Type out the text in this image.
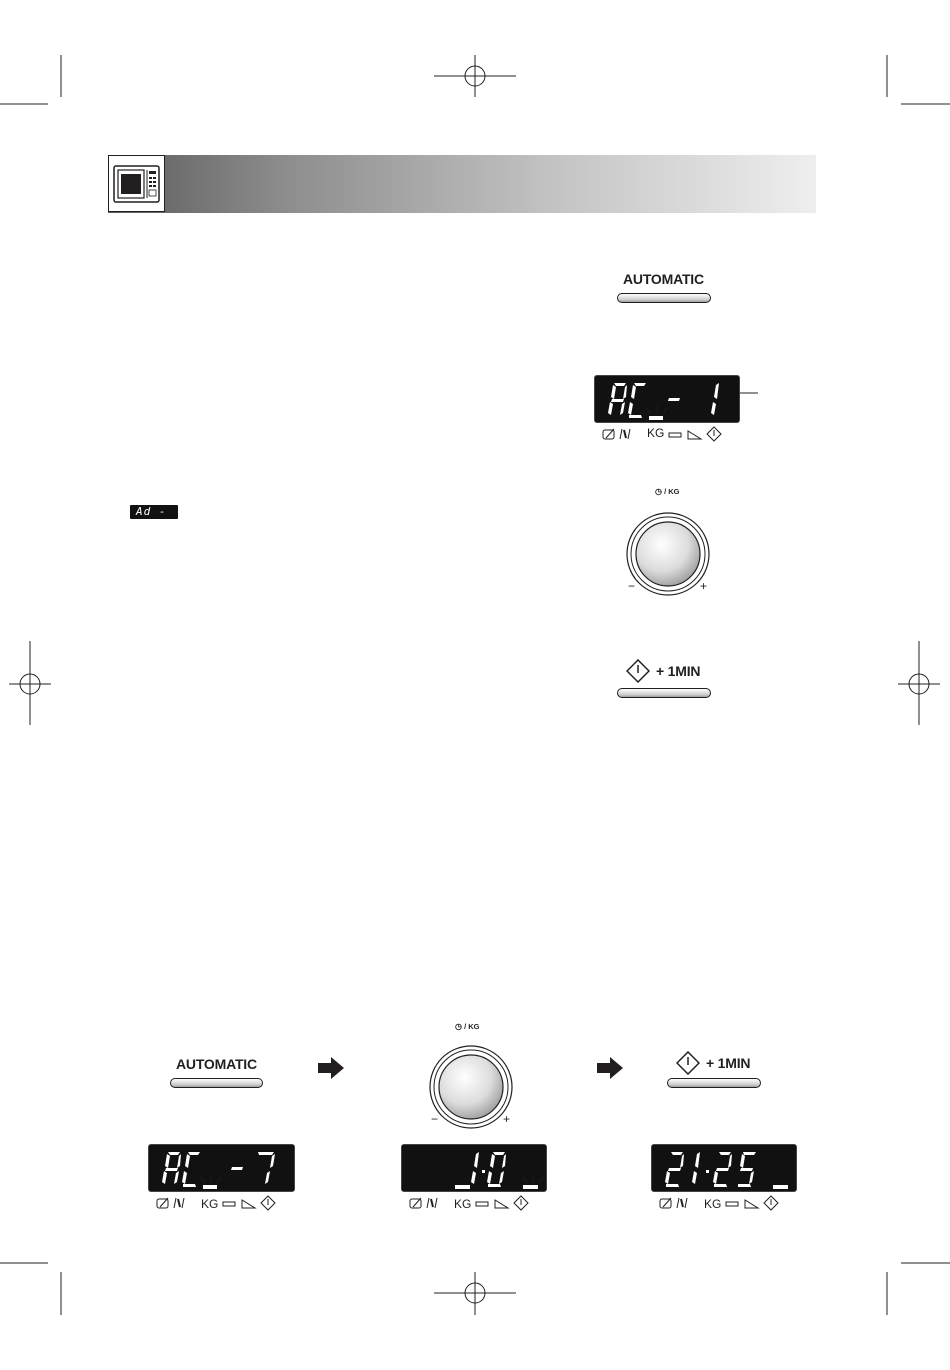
AUTOMATIC
KG
◷ / KG
−	+
+ 1MIN
Ad - 1
AUTOMATIC
◷ / KG
−	+
+ 1MIN
KG	KG	KG
